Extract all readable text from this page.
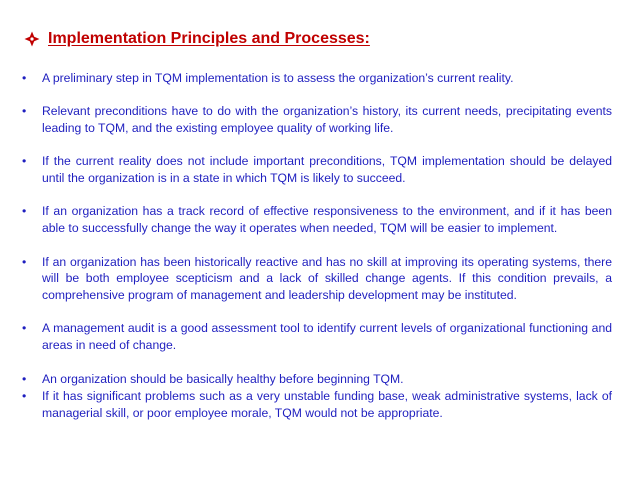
Implementation Principles and Processes:
• A preliminary step in TQM implementation is to assess the organization’s current reality.
• Relevant preconditions have to do with the organization’s history, its current needs, precipitating events leading to TQM, and the existing employee quality of working life.
• If the current reality does not include important preconditions, TQM implementation should be delayed until the organization is in a state in which TQM is likely to succeed.
• If an organization has a track record of effective responsiveness to the environment, and if it has been able to successfully change the way it operates when needed, TQM will be easier to implement.
• If an organization has been historically reactive and has no skill at improving its operating systems, there will be both employee scepticism and a lack of skilled change agents. If this condition prevails, a comprehensive program of management and leadership development may be instituted.
• A management audit is a good assessment tool to identify current levels of organizational functioning and areas in need of change.
• An organization should be basically healthy before beginning TQM.
• If it has significant problems such as a very unstable funding base, weak administrative systems, lack of managerial skill, or poor employee morale, TQM would not be appropriate.
